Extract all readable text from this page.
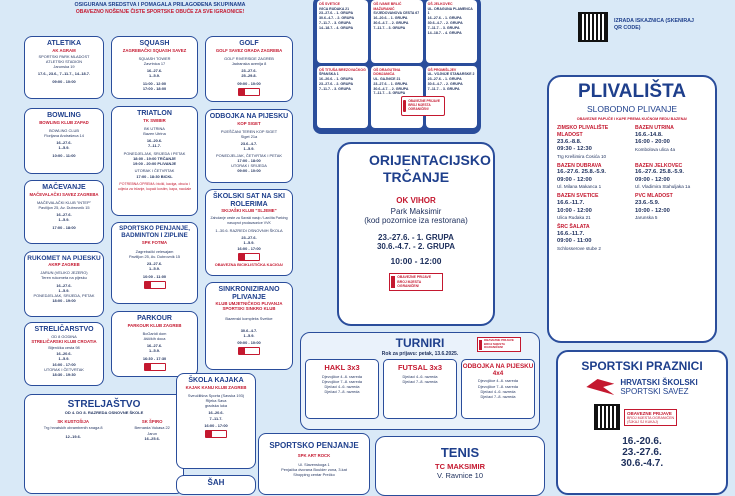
OSIGURANA SREDSTVA I POMAGALA PRILAGOĐENA SKUPINAMA
OBAVEZNO NOŠENJE ČISTE SPORTSKE OBUĆE ZA SVE IGRAONICE!
ATLETIKA
AK AGRAM
SPORTSKI PARK MLADOST
ATLETSKI STADION
Jarunska 19
17.6., 23.6., 7.-11.7., 14.-18.7.
09:00 - 10:00
BOWLING
BOWLING KLUB ZAPAD
BOWLING CLUB
Florijana Andrašeca 14
16.-27.6.
1.-5.9.
10:00 - 11:00
MAČEVANJE
MAČEVALAČKI SAVEZ ZAGREBA
MAČEVALAČKI KLUB "INTEP"
Pavilijon 25, Av. Dubrovnik 15
16.-27.6.
1.-5.9.
17:00 - 18:00
RUKOMET NA PIJESKU
AKRP ZAGREB
JARUN (VELIKO JEZERO)
Teren rukometa na pijesku
16.-27.6.
1.-5.9.
PONEDJELJAK, SRIJEDA, PETAK
18:00 - 19:00
STRELIČARSTVO
OD 8 GODINA
STRELIČARSKI KLUB CROATIA
Bijenička cesta 98
16.-20.6.
1.-5.9.
16:00 - 17:00
UTORAK I ČETVRTAK
18:30 - 19:30
STRELJAŠTVO
OD 4. DO 8. RAZREDA OSNOVNE ŠKOLE
SK KUSTOŠIJA
Trg hrvatskih obrambenih snaga 8
12.-19.6.
SK ŠPIRO
Bernarda Vukasa 22
Jarun
16.-25.6.
SQUASH
ZAGREBAČKI SQUASH SAVEZ
SQUASH TOWER
Zavrtnica 17
16.-27.6.
1.-5.9.
11:00 - 12:00
17:00 - 18:00
TRIATLON
TK SWIBIR
BK UTRINA
Bazen Utrina
16.-20.6.
7.-11.7.
PONEDJELJAK, SRIJEDA I PETAK
18:00 - 19:00 TRČANJE
19:00 - 20:00 PLIVANJE
UTORAK I ČETVRTAK
17:00 - 18:30 BICKL
POTREBNA OPREMA: bicikl, kaciga, obuća i odjeća za trčanje, kupaći kostim, kapa, naočale
SPORTSKO PENJANJE, BADMINTON I ZIPLINE
SPK FOTMA
Zagrebački velesajam
Pavilijon 25, Av. Dubrovnik 15
23.-27.6.
1.-5.9.
10:00 - 11:00
PARKOUR
PARKOUR KLUB ZAGREB
BoGaridi dom
Ašičkih doca
16.-27.6.
1.-5.9.
16:30 - 17:30
GOLF
GOLF SAVEZ GRADA ZAGREBA
GOLF RIVERSIDE ZAGREB
Jadranska avenija 8
23.-27.6.
25.-29.8.
09:00 - 10:00
ODBOJKA NA PIJESKU
KOP SIGET
PIJEŠČANI TEREN KOP SIGET
Siget 21a
23.6.-4.7.
1.-5.9.
PONEDJELJAK, ČETVRTAK I PETAK
17:00 - 18:00
UTORAK I SRIJEDA
09:00 - 10:00
ŠKOLSKI SAT NA SKI ROLERIMA
SKIJAŠKI KLUB "SLJEME"
Zaholanje ceste za Savski nasip / Lančita Parking nasuprot prodavaonice VVK
1.-30.6. RAZREDI OSNOVNIH ŠKOLA
23.-27.6.
1.-5.9.
16:00 - 17:00
OBAVEZNA BICIKLISTIČKA KACIGA!
SINKRONIZIRANO PLIVANJE
KLUB UMJETNIČKOG PLIVANJA SPORTSKI SINKRO KLUB
Bazenski kompleks Svetice
30.6.-4.7.
1.-5.9.
09:00 - 10:00
ŠKOLA KAJAKA
KAJAK KANU KLUB ZAGREB
Sveučilišna Sporta (Savska 193)
Rijeka Sava
gradska luka
16.-20.6.
7.-11.7.
16:00 - 17:00
ŠAH
SPORTSKO PENJANJE
SPK ART ROCK
Ul. Slavenskoga 1
Penjačka dvorana Boulder zona, 3.kat
Shopping centar Prečko
OŠ SVETICE
IVICA RUDAKA 21
23.-27.6. - 1. GRUPA
30.6.-4.7. - 2. GRUPA
7.-11.7. - 3. GRUPA
14.-18.7. - 4. GRUPA
OŠ IVANE BRLIĆ MAŽURANIĆ
SVJEDOVANOVA CESTA 67
16.-20.6. - 1. GRUPA
30.6.-4.7. - 2. GRUPA
7.-11.7. - 3. GRUPA
OŠ JELKOVEC
UL. DRAGUNA PLAMENCA 1
16.-27.6. - 1. GRUPA
30.6.-4.7. - 2. GRUPA
7.-11.7. - 3. GRUPA
14.-18.7. - 4. GRUPA
OŠ TITUŠA BREZOVAČKOG
ŠPANSKA 1
16.-20.6. - 1. GRUPA
23.-27.6. - 2. GRUPA
7.-11.7. - 3. GRUPA
OŠ DRAGUTINA DOMJANIĆA
UL. GAJNICE 21
23.-27.6. - 1. GRUPA
30.6.-4.7. - 2. GRUPA
7.-11.7. - 3. GRUPA
OŠ PROMIŠLJEV
UL. VOJNIJE STANARSKE 2
23.-27.6. - 1. GRUPA
30.6.-4.7. - 2. GRUPA
7.-11.7. - 3. GRUPA
OBAVEZNE PRIJAVE BROJ MJESTA OGRANIČEN!
ORIJENTACIJSKO TRČANJE
OK VIHOR
Park Maksimir
(kod pozornice iza restorana)
23.-27.6. - 1. GRUPA
30.6.-4.7. - 2. GRUPA
10:00 - 12:00
OBAVEZNE PRIJAVE BROJ MJESTA OGRANIČEN!
TURNIRI
Rok za prijavu: petak, 13.6.2025.
OBAVEZNE PRIJAVE BROJ MJESTA OGRANIČEN!
HAKL 3x3
Djevojčice 4.-6. razreda
Djevojčice 7.-8. razreda
Dječaci 4.-6. razreda
Dječaci 7.-8. razreda
FUTSAL 3x3
Dječaci 4.-6. razreda
Dječaci 7.-8. razreda
ODBOJKA NA PIJESKU 4x4
Djevojčice 4.-6. razreda
Djevojčice 7.-8. razreda
Dječaci 4.-6. razreda
Dječaci 7.-8. razreda
TENIS
TC MAKSIMIR
V. Ravnice 10
IZRADA ISKAZNICA (SKENIRAJ QR CODE)
PLIVALIŠTA
SLOBODNO PLIVANJE
OBAVEZNE PAPUČE I KAPE PREMA KUĆNOM REDU BAZENA!
ZIMSKO PLIVALIŠTE MLADOST
23.6.-8.8.
09:30 - 12:30
Trg Krešimira Ćosića 10
BAZEN UTRINA
16.6.-14.8.
16:00 - 20:00
Kombolova ulica 4a
BAZEN DUBRAVA
16.-27.6. 25.8.-5.9.
09:00 - 12:00
Ul. Milana Makanca 1
BAZEN JELKOVEC
16.-27.6. 25.8.-5.9.
09:00 - 12:00
Ul. Vladimira Stahuljaka 1a
BAZEN SVETICE
16.6.-11.7.
10:00 - 12:00
Ulica Rudaka 21
PVC MLADOST
23.6.-5.9.
10:00 - 12:00
Jarunska 5
ŠRC ŠALATA
16.6.-11.7.
09:00 - 11:00
Schlosserove stube 2
SPORTSKI PRAZNICI
HRVATSKI ŠKOLSKI
SPORTSKI SAVEZ
OBAVEZNE PRIJAVE
BROJ MJESTA OGRANIČEN
(ŠJKAJ SJ KUKAJ)
16.-20.6.
23.-27.6.
30.6.-4.7.
